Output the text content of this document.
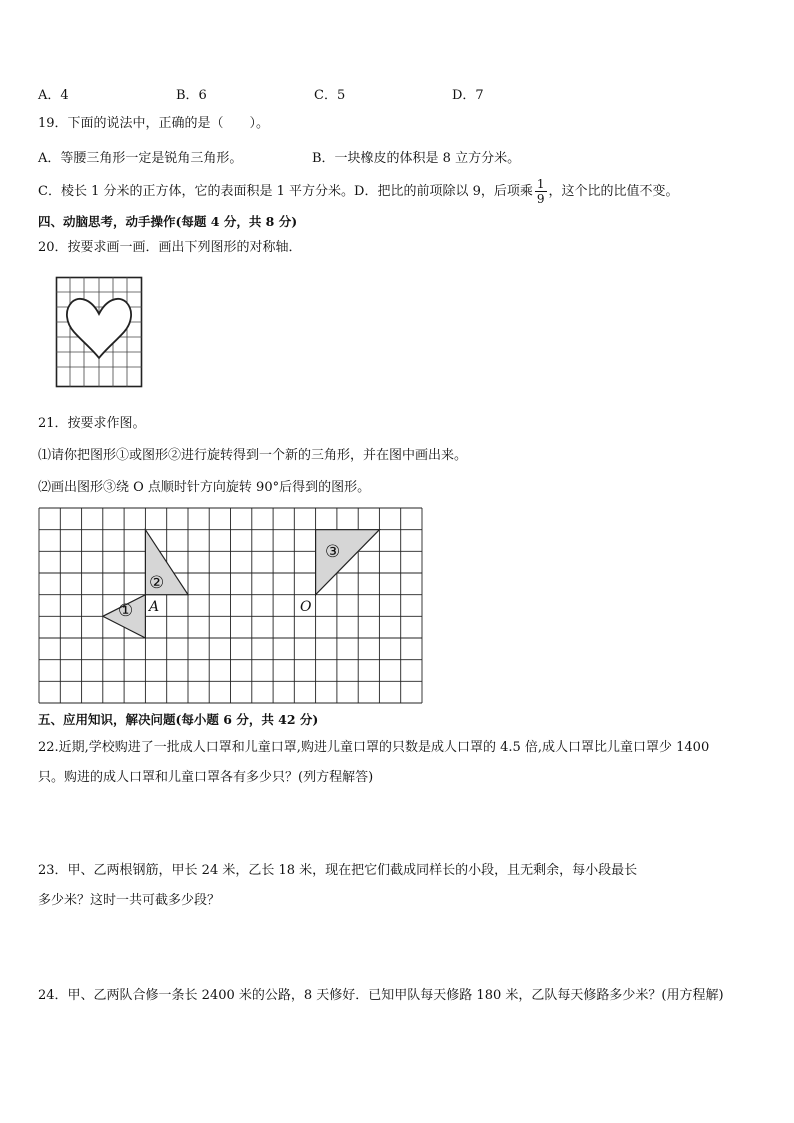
A．4	B．6	C．5	D．7
19．下面的说法中，正确的是（　　）。
A．等腰三角形一定是锐角三角形。	B．一块橡皮的体积是 8 立方分米。
C．棱长 1 分米的正方体，它的表面积是 1 平方分米。D．把比的前项除以 9，后项乘 $\frac{1}{9}$ ，这个比的比值不变。
四、动脑思考，动手操作(每题 4 分，共 8 分)
20．按要求画一画．画出下列图形的对称轴．
21．按要求作图。
⑴请你把图形①或图形②进行旋转得到一个新的三角形，并在图中画出来。
⑵画出图形③绕 O 点顺时针方向旋转 90°后得到的图形。
①
②
A
③
O
五、应用知识，解决问题(每小题 6 分，共 42 分)
22.近期,学校购进了一批成人口罩和儿童口罩,购进儿童口罩的只数是成人口罩的 4.5 倍,成人口罩比儿童口罩少 1400
只。购进的成人口罩和儿童口罩各有多少只？(列方程解答)
23．甲、乙两根钢筋，甲长 24 米，乙长 18 米，现在把它们截成同样长的小段，且无剩余，每小段最长
多少米？这时一共可截多少段？
24．甲、乙两队合修一条长 2400 米的公路，8 天修好．已知甲队每天修路 180 米，乙队每天修路多少米？(用方程解)
